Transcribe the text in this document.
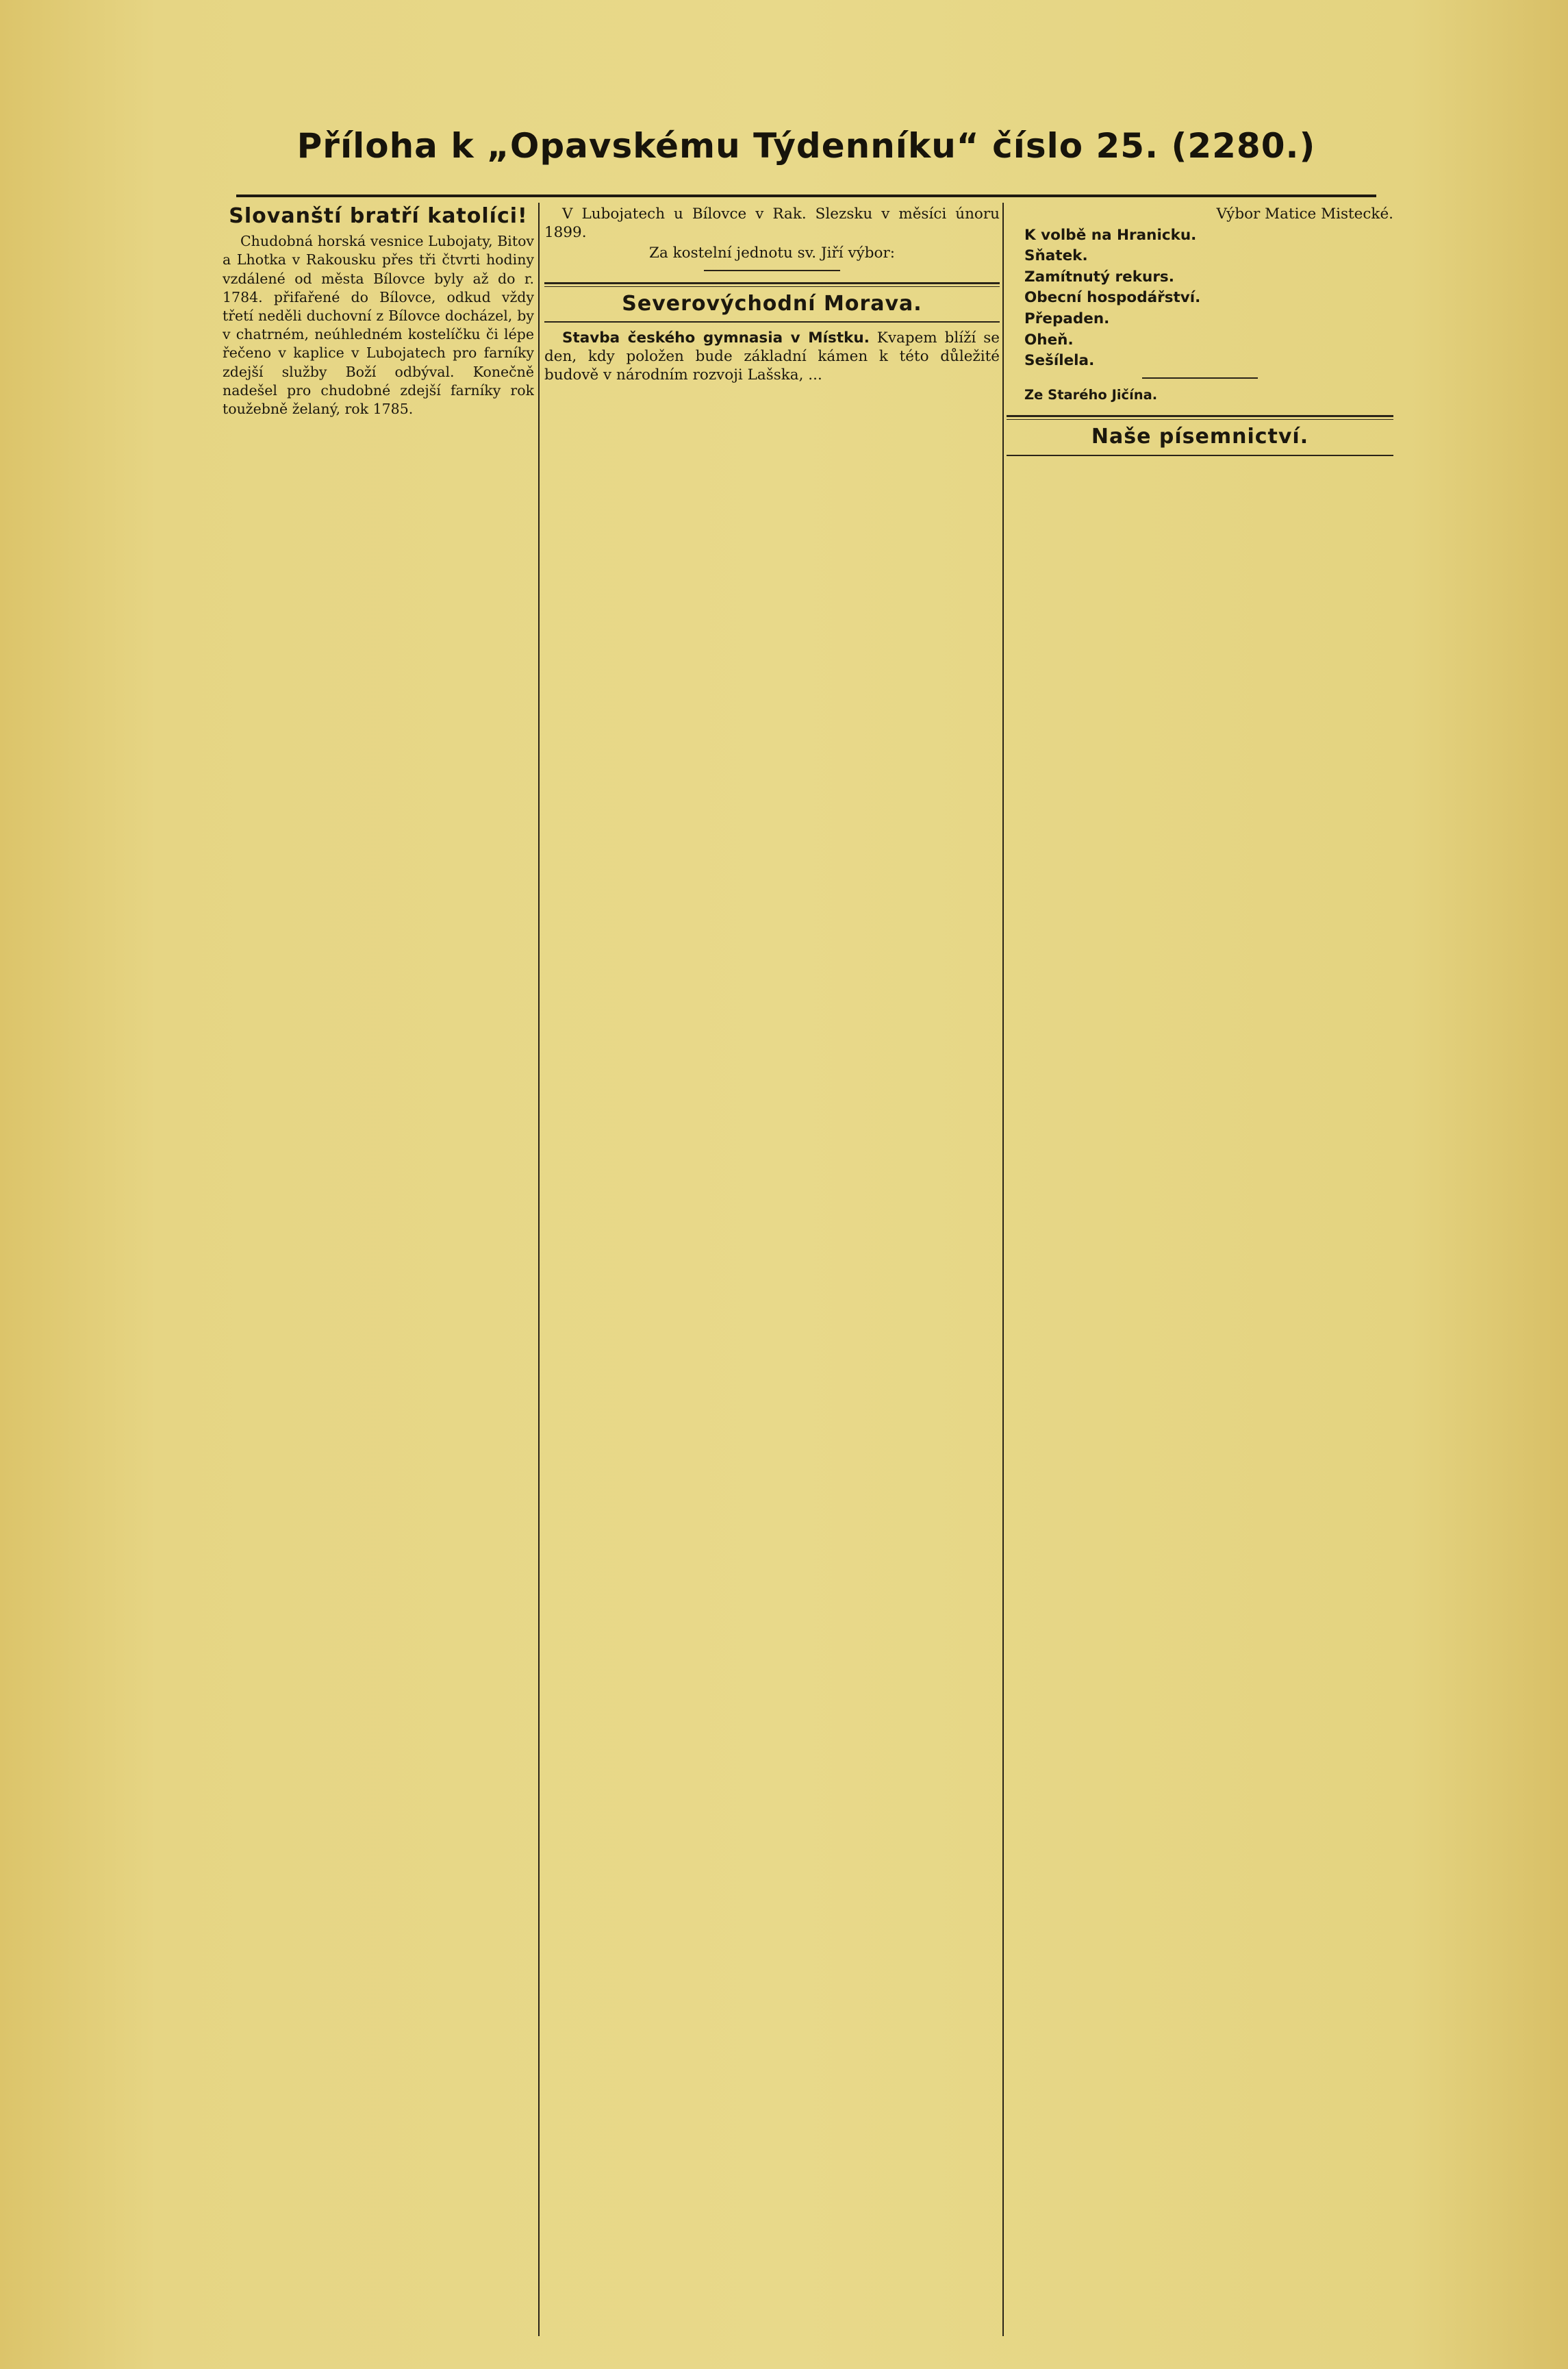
Příloha k „Opavskému Týdenníku“ číslo 25. (2280.)
Slovanští bratří katolíci!

Chudobná horská vesnice Lubojaty, Bitov a Lhotka v Rakousku přes tři čtvrti hodiny vzdálené od města Bílovce byly až do r. 1784. přifařené do Bílovce, odkud vždy třetí neděli duchovní z Bílovce docházel, by v chatrném, neúhledném kostelíčku či lépe řečeno v kaplice v Lubojatech pro farníky zdejší služby Boží odbýval. Konečně nadešel pro chudobné zdejší farníky rok toužebně želaný, rok 1785.

V Lubojatech u Bílovce v Rak. Slezsku v měsíci únoru 1899.

Za kostelní jednotu sv. Jiří výbor:

Severovýchodní Morava.

Stavba českého gymnasia v Místku. Kvapem blíží se den, kdy položen bude základní kámen k této důležité budově v národním rozvoji Lašska, ...

Výbor Matice Mistecké.

K volbě na Hranicku.

Sňatek.

Zamítnutý rekurs.

Obecní hospodářství.

Přepaden.

Oheň.

Sešílela.

Ze Starého Jičína.

Naše písemnictví.
